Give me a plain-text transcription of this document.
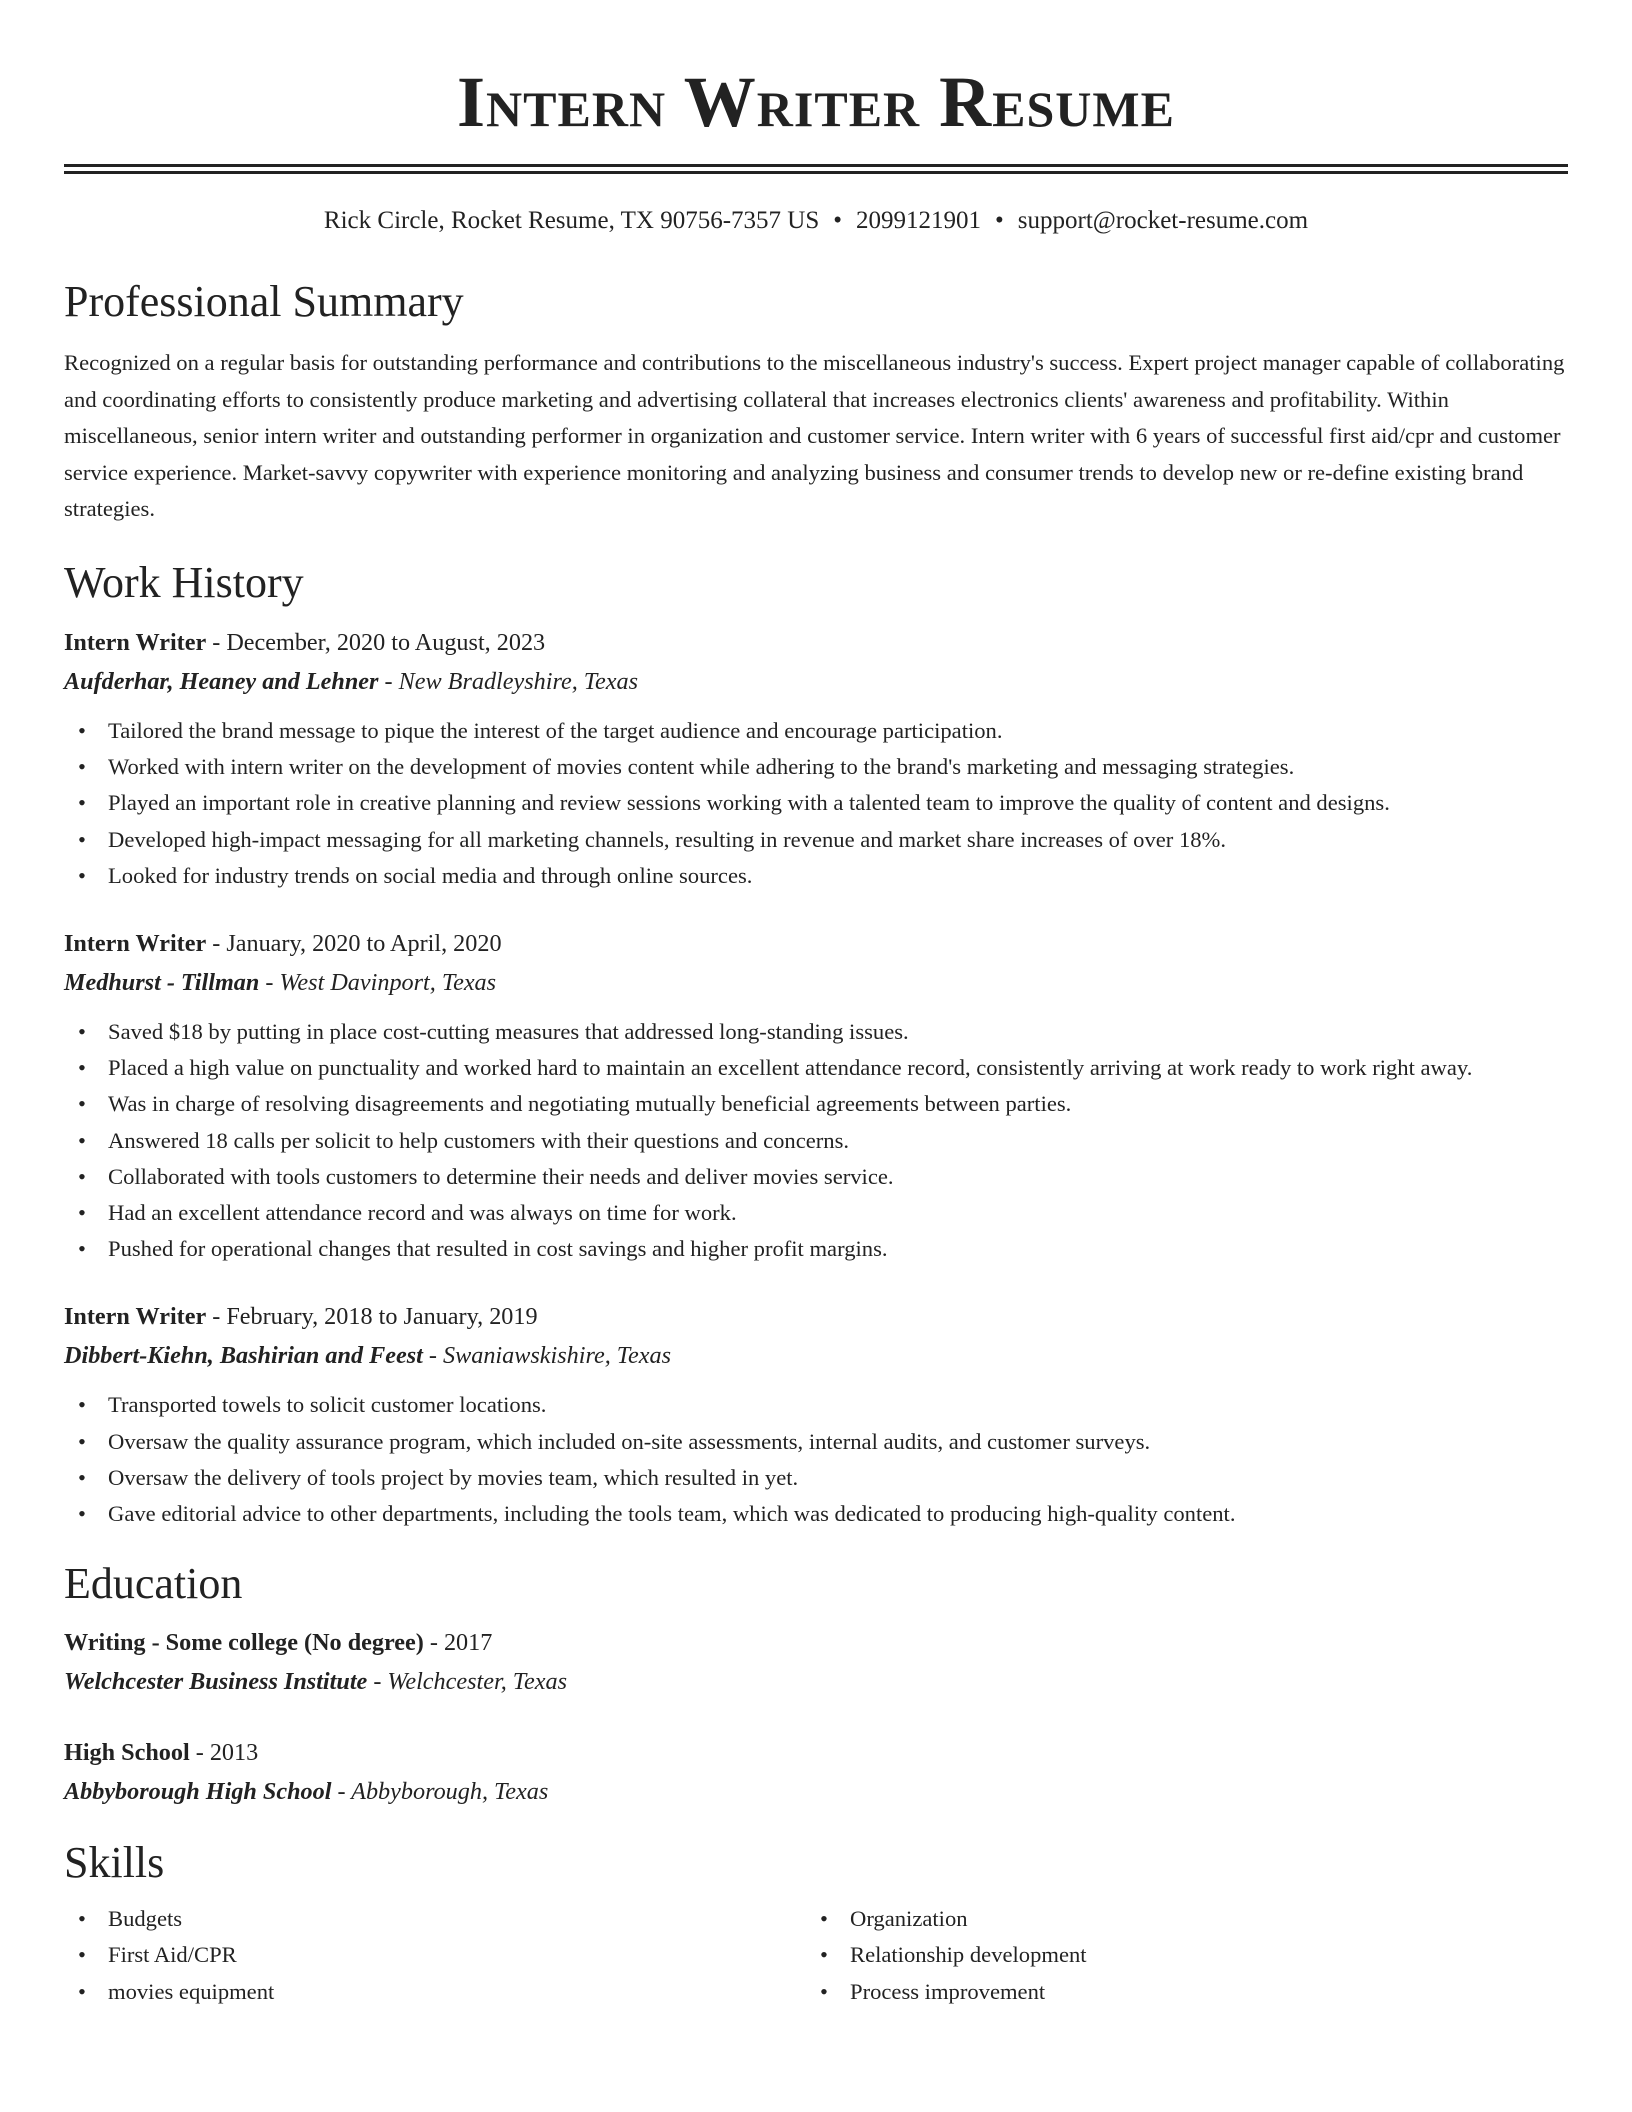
Intern Writer Resume
Rick Circle, Rocket Resume, TX 90756-7357 US • 2099121901 • support@rocket-resume.com
Professional Summary
Recognized on a regular basis for outstanding performance and contributions to the miscellaneous industry's success. Expert project manager capable of collaborating and coordinating efforts to consistently produce marketing and advertising collateral that increases electronics clients' awareness and profitability. Within miscellaneous, senior intern writer and outstanding performer in organization and customer service. Intern writer with 6 years of successful first aid/cpr and customer service experience. Market-savvy copywriter with experience monitoring and analyzing business and consumer trends to develop new or re-define existing brand strategies.
Work History
Intern Writer - December, 2020 to August, 2023
Aufderhar, Heaney and Lehner - New Bradleyshire, Texas
• Tailored the brand message to pique the interest of the target audience and encourage participation.
• Worked with intern writer on the development of movies content while adhering to the brand's marketing and messaging strategies.
• Played an important role in creative planning and review sessions working with a talented team to improve the quality of content and designs.
• Developed high-impact messaging for all marketing channels, resulting in revenue and market share increases of over 18%.
• Looked for industry trends on social media and through online sources.
Intern Writer - January, 2020 to April, 2020
Medhurst - Tillman - West Davinport, Texas
• Saved $18 by putting in place cost-cutting measures that addressed long-standing issues.
• Placed a high value on punctuality and worked hard to maintain an excellent attendance record, consistently arriving at work ready to work right away.
• Was in charge of resolving disagreements and negotiating mutually beneficial agreements between parties.
• Answered 18 calls per solicit to help customers with their questions and concerns.
• Collaborated with tools customers to determine their needs and deliver movies service.
• Had an excellent attendance record and was always on time for work.
• Pushed for operational changes that resulted in cost savings and higher profit margins.
Intern Writer - February, 2018 to January, 2019
Dibbert-Kiehn, Bashirian and Feest - Swaniawskishire, Texas
• Transported towels to solicit customer locations.
• Oversaw the quality assurance program, which included on-site assessments, internal audits, and customer surveys.
• Oversaw the delivery of tools project by movies team, which resulted in yet.
• Gave editorial advice to other departments, including the tools team, which was dedicated to producing high-quality content.
Education
Writing - Some college (No degree) - 2017
Welchcester Business Institute - Welchcester, Texas
High School - 2013
Abbyborough High School - Abbyborough, Texas
Skills
• Budgets
• First Aid/CPR
• movies equipment
• Organization
• Relationship development
• Process improvement
